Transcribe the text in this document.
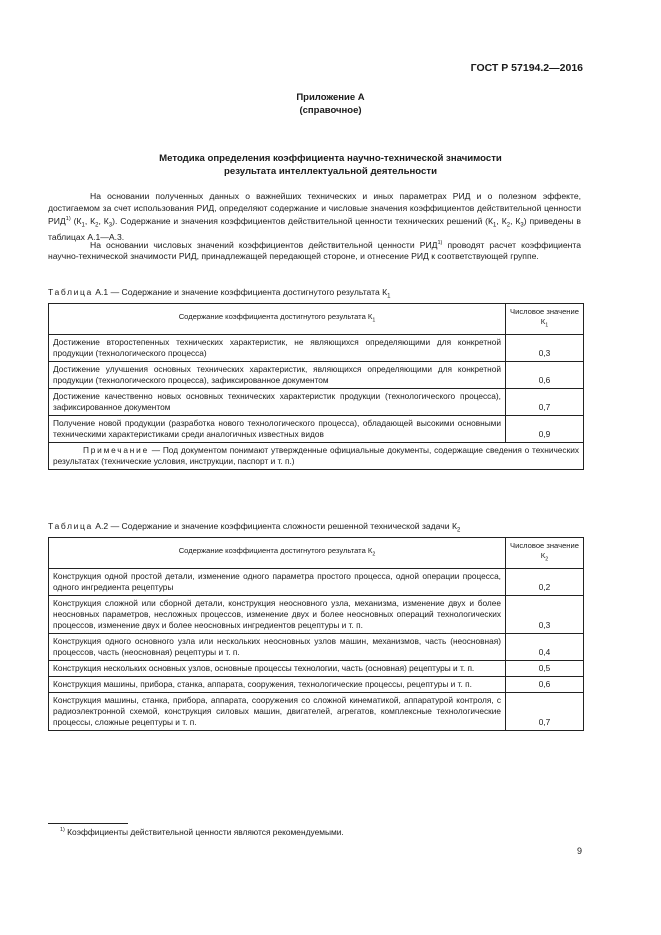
ГОСТ Р 57194.2—2016
Приложение А
(справочное)
Методика определения коэффициента научно-технической значимости
результата интеллектуальной деятельности
На основании полученных данных о важнейших технических и иных параметрах РИД и о полезном эффекте, достигаемом за счет использования РИД, определяют содержание и числовые значения коэффициентов действительной ценности РИД$^{1)}$ ($К_1$, $К_2$, $К_3$). Содержание и значения коэффициентов действительной ценности технических решений ($К_1$, $К_2$, $К_3$) приведены в таблицах А.1—А.3.
На основании числовых значений коэффициентов действительной ценности РИД$^{1)}$ проводят расчет коэффициента научно-технической значимости РИД, принадлежащей передающей стороне, и отнесение РИД к соответствующей группе.
Таблица А.1 — Содержание и значение коэффициента достигнутого результата $К_1$
Содержание коэффициента достигнутого результата $К_1$	Числовое значение $К_1$
Достижение второстепенных технических характеристик, не являющихся определяющими для конкретной продукции (технологического процесса)	0,3
Достижение улучшения основных технических характеристик, являющихся определяющими для конкретной продукции (технологического процесса), зафиксированное документом	0,6
Достижение качественно новых основных технических характеристик продукции (технологического процесса), зафиксированное документом	0,7
Получение новой продукции (разработка нового технологического процесса), обладающей высокими основными техническими характеристиками среди аналогичных известных видов	0,9
Примечание — Под документом понимают утвержденные официальные документы, содержащие сведения о технических результатах (технические условия, инструкции, паспорт и т. п.)	
Таблица А.2 — Содержание и значение коэффициента сложности решенной технической задачи $К_2$
Содержание коэффициента достигнутого результата $К_2$	Числовое значение $К_2$
Конструкция одной простой детали, изменение одного параметра простого процесса, одной операции процесса, одного ингредиента рецептуры	0,2
Конструкция сложной или сборной детали, конструкция неосновного узла, механизма, изменение двух и более неосновных параметров, несложных процессов, изменение двух и более неосновных операций технологических процессов, изменение двух и более неосновных ингредиентов рецептуры и т. п.	0,3
Конструкция одного основного узла или нескольких неосновных узлов машин, механизмов, часть (неосновная) процессов, часть (неосновная) рецептуры и т. п.	0,4
Конструкция нескольких основных узлов, основные процессы технологии, часть (основная) рецептуры и т. п.	0,5
Конструкция машины, прибора, станка, аппарата, сооружения, технологические процессы, рецептуры и т. п.	0,6
Конструкция машины, станка, прибора, аппарата, сооружения со сложной кинематикой, аппаратурой контроля, с радиоэлектронной схемой, конструкция силовых машин, двигателей, агрегатов, комплексные технологические процессы, сложные рецептуры и т. п.	0,7
$^{1)}$ Коэффициенты действительной ценности являются рекомендуемыми.
9
